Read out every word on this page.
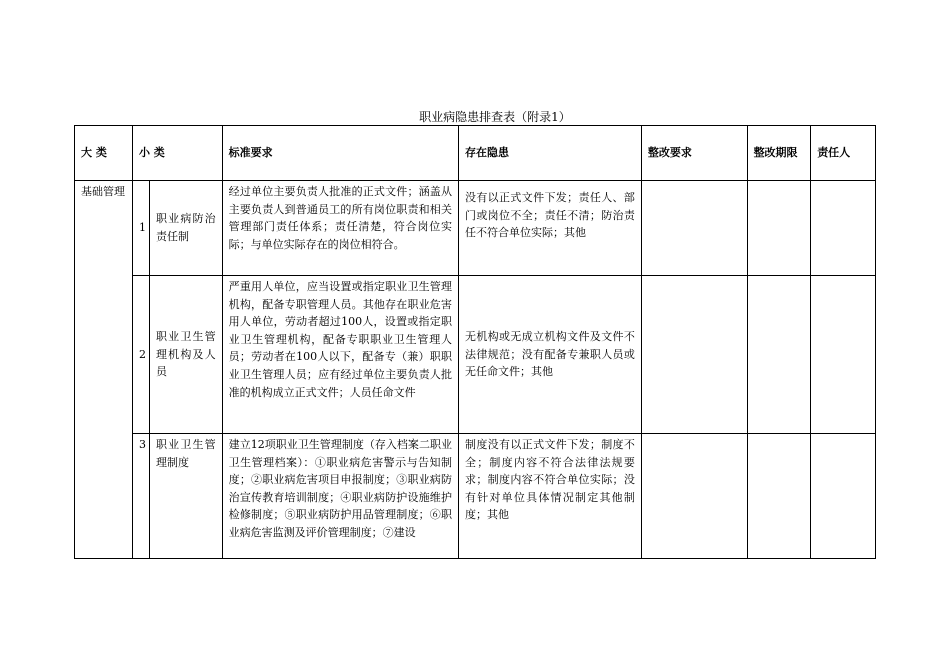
职业病隐患排查表（附录1）
大 类	小 类		标准要求	存在隐患	整改要求	整改期限	责任人
基础管理	1	职业病防治责任制	经过单位主要负责人批准的正式文件；涵盖从主要负责人到普通员工的所有岗位职责和相关管理部门责任体系；责任清楚，符合岗位实际；与单位实际存在的岗位相符合。	没有以正式文件下发；责任人、部门或岗位不全；责任不清；防治责任不符合单位实际；其他			
	2	职业卫生管理机构及人员	严重用人单位，应当设置或指定职业卫生管理机构，配备专职管理人员。其他存在职业危害用人单位，劳动者超过100人，设置或指定职业卫生管理机构，配备专职职业卫生管理人员；劳动者在100人以下，配备专（兼）职职业卫生管理人员；应有经过单位主要负责人批准的机构成立正式文件；人员任命文件	无机构或无成立机构文件及文件不法律规范；没有配备专兼职人员或无任命文件；其他			
	3	职业卫生管理制度	建立12项职业卫生管理制度（存入档案二职业卫生管理档案）：①职业病危害警示与告知制度；②职业病危害项目申报制度；③职业病防治宣传教育培训制度；④职业病防护设施维护检修制度；⑤职业病防护用品管理制度；⑥职业病危害监测及评价管理制度；⑦建设	制度没有以正式文件下发；制度不全；制度内容不符合法律法规要求；制度内容不符合单位实际；没有针对单位具体情况制定其他制度；其他			
